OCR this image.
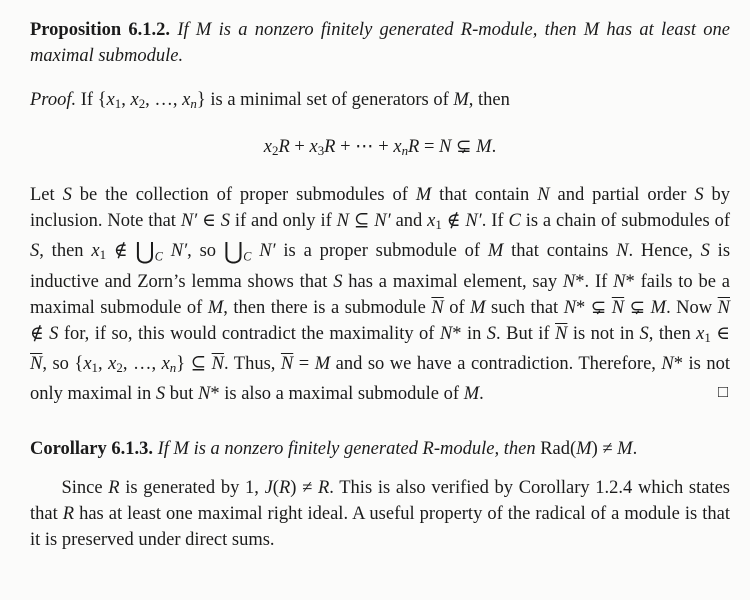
Proposition 6.1.2. If M is a nonzero finitely generated R-module, then M has at least one maximal submodule.

Proof. If {x1, x2, …, xn} is a minimal set of generators of M, then

x2R + x3R + ⋯ + xnR = N ⊊ M.

Let S be the collection of proper submodules of M that contain N and partial order S by inclusion. Note that N′ ∈ S if and only if N ⊆ N′ and x1 ∉ N′. If C is a chain of submodules of S, then x1 ∉ $⋃_C$ N′, so $⋃_C$ N′ is a proper submodule of M that contains N. Hence, S is inductive and Zorn’s lemma shows that S has a maximal element, say N*. If N* fails to be a maximal submodule of M, then there is a submodule $\overline{N}$ of M such that N* ⊊ $\overline{N}$ ⊊ M. Now $\overline{N}$ ∉ S for, if so, this would contradict the maximality of N* in S. But if $\overline{N}$ is not in S, then x1 ∈ $\overline{N}$, so {x1, x2, …, xn} ⊆ $\overline{N}$. Thus, $\overline{N} = M$ and so we have a contradiction. Therefore, N* is not only maximal in S but N* is also a maximal submodule of M.	□

Corollary 6.1.3. If M is a nonzero finitely generated R-module, then Rad(M) ≠ M.

Since R is generated by 1, J(R) ≠ R. This is also verified by Corollary 1.2.4 which states that R has at least one maximal right ideal. A useful property of the radical of a module is that it is preserved under direct sums.
